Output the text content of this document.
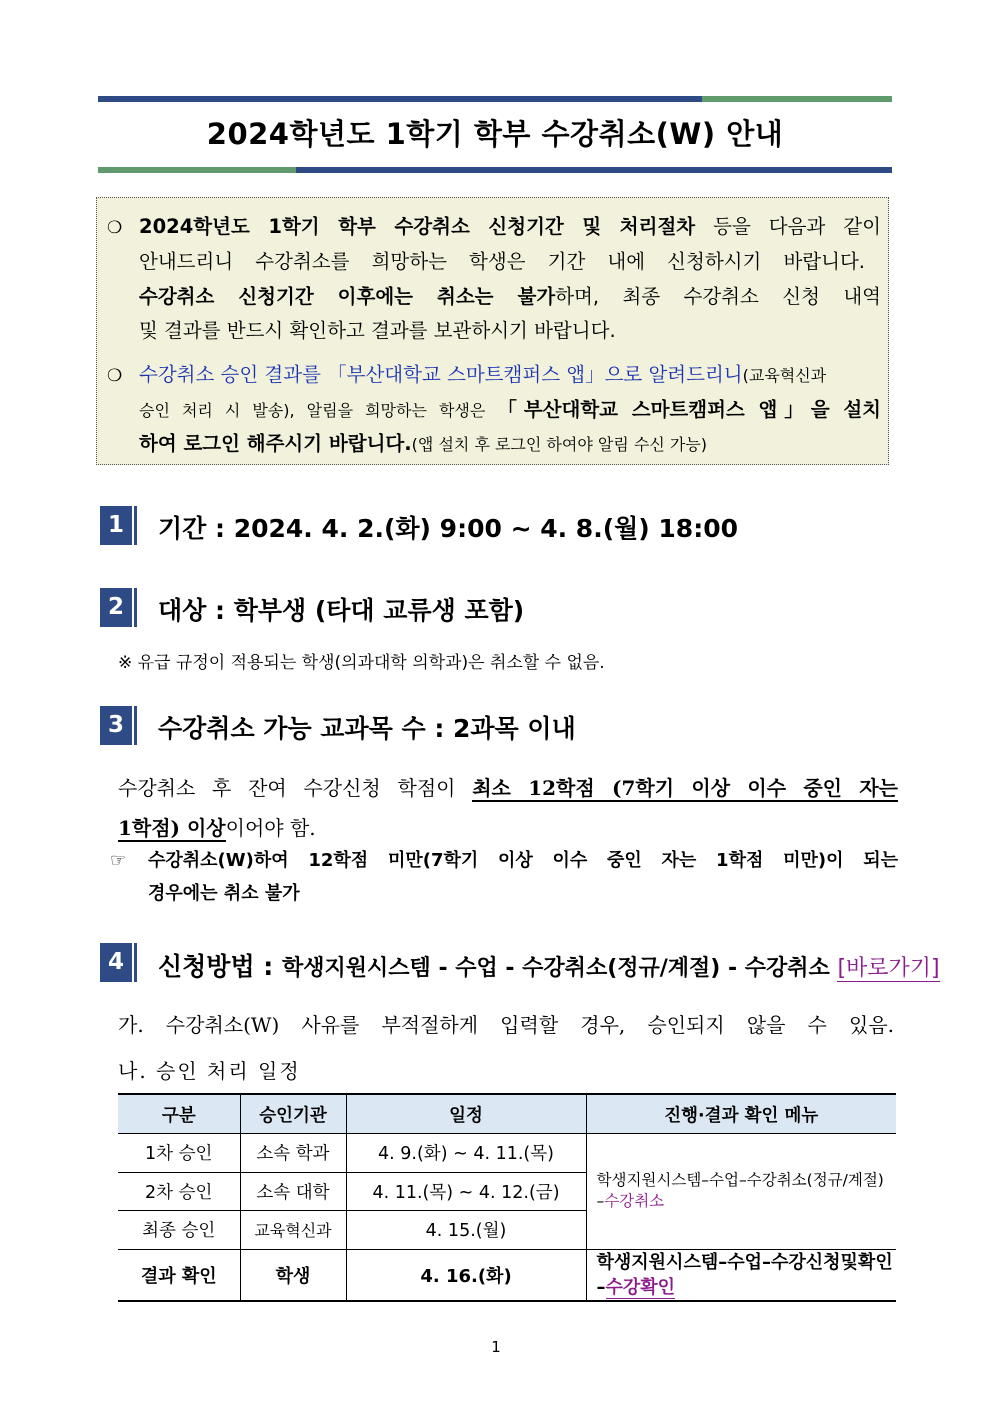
2024학년도 1학기 학부 수강취소(W) 안내
❍ 2024학년도 1학기 학부 수강취소 신청기간 및 처리절차 등을 다음과 같이
안내드리니 수강취소를 희망하는 학생은 기간 내에 신청하시기 바랍니다.
수강취소 신청기간 이후에는 취소는 불가하며, 최종 수강취소 신청 내역
및 결과를 반드시 확인하고 결과를 보관하시기 바랍니다.
❍ 수강취소 승인 결과를 「부산대학교 스마트캠퍼스 앱」으로 알려드리니(교육혁신과
승인 처리 시 발송), 알림을 희망하는 학생은 「부산대학교 스마트캠퍼스 앱」을 설치
하여 로그인 해주시기 바랍니다.(앱 설치 후 로그인 하여야 알림 수신 가능)
1	기간 : 2024. 4. 2.(화) 9:00 ~ 4. 8.(월) 18:00
2	대상 : 학부생 (타대 교류생 포함)
※ 유급 규정이 적용되는 학생(의과대학 의학과)은 취소할 수 없음.
3	수강취소 가능 교과목 수 : 2과목 이내
수강취소 후 잔여 수강신청 학점이 최소 12학점 (7학기 이상 이수 중인 자는
1학점) 이상이어야 함.
☞ 수강취소(W)하여 12학점 미만(7학기 이상 이수 중인 자는 1학점 미만)이 되는
경우에는 취소 불가
4	신청방법 : 학생지원시스템 - 수업 - 수강취소(정규/계절) - 수강취소 [바로가기]
가. 수강취소(W) 사유를 부적절하게 입력할 경우, 승인되지 않을 수 있음.
나. 승인 처리 일정
구분	승인기관	일정	진행·결과 확인 메뉴
1차 승인	소속 학과	4. 9.(화) ~ 4. 11.(목)	학생지원시스템–수업–수강취소(정규/계절)
–수강취소
2차 승인	소속 대학	4. 11.(목) ~ 4. 12.(금)	
최종 승인	교육혁신과	4. 15.(월)	
결과 확인	학생	4. 16.(화)	학생지원시스템–수업–수강신청및확인
–수강확인
1
